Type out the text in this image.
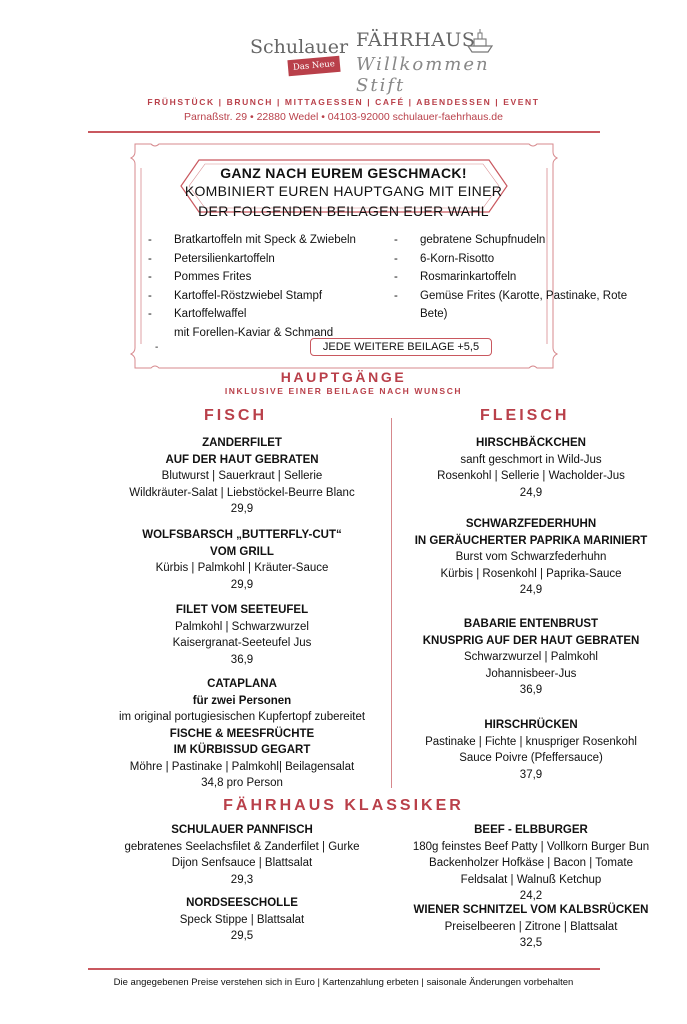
Schulauer FÄHRHAUS
Das Neue Willkommen Stift
FRÜHSTÜCK | BRUNCH | MITTAGESSEN | CAFÉ | ABENDESSEN | EVENT
Parnaßstr. 29 • 22880 Wedel • 04103-92000 schulauer-faehrhaus.de
GANZ NACH EUREM GESCHMACK!
KOMBINIERT EUREN HAUPTGANG MIT EINER
DER FOLGENDEN BEILAGEN EUER WAHL
- Bratkartoffeln mit Speck & Zwiebeln
- Petersilienkartoffeln
- Pommes Frites
- Kartoffel-Röstzwiebel Stampf
- Kartoffelwaffel
mit Forellen-Kaviar & Schmand
- gebratene Schupfnudeln
- 6-Korn-Risotto
- Rosmarinkartoffeln
- Gemüse Frites (Karotte, Pastinake, Rote Bete)
-	JEDE WEITERE BEILAGE +5,5
HAUPTGÄNGE
INKLUSIVE EINER BEILAGE NACH WUNSCH
FISCH	FLEISCH
ZANDERFILET
AUF DER HAUT GEBRATEN
Blutwurst | Sauerkraut | Sellerie
Wildkräuter-Salat | Liebstöckel-Beurre Blanc
29,9
WOLFSBARSCH „BUTTERFLY-CUT“
VOM GRILL
Kürbis | Palmkohl | Kräuter-Sauce
29,9
FILET VOM SEETEUFEL
Palmkohl | Schwarzwurzel
Kaisergranat-Seeteufel Jus
36,9
CATAPLANA
für zwei Personen
im original portugiesischen Kupfertopf zubereitet
FISCHE & MEESFRÜCHTE
IM KÜRBISSUD GEGART
Möhre | Pastinake | Palmkohl| Beilagensalat
34,8 pro Person
HIRSCHBÄCKCHEN
sanft geschmort in Wild-Jus
Rosenkohl | Sellerie | Wacholder-Jus
24,9
SCHWARZFEDERHUHN
IN GERÄUCHERTER PAPRIKA MARINIERT
Burst vom Schwarzfederhuhn
Kürbis | Rosenkohl | Paprika-Sauce
24,9
BABARIE ENTENBRUST
KNUSPRIG AUF DER HAUT GEBRATEN
Schwarzwurzel | Palmkohl
Johannisbeer-Jus
36,9
HIRSCHRÜCKEN
Pastinake | Fichte | knuspriger Rosenkohl
Sauce Poivre (Pfeffersauce)
37,9
FÄHRHAUS KLASSIKER
SCHULAUER PANNFISCH
gebratenes Seelachsfilet & Zanderfilet | Gurke
Dijon Senfsauce | Blattsalat
29,3
NORDSEESCHOLLE
Speck Stippe | Blattsalat
29,5
BEEF - ELBBURGER
180g feinstes Beef Patty | Vollkorn Burger Bun
Backenholzer Hofkäse | Bacon | Tomate
Feldsalat | Walnuß Ketchup
24,2
WIENER SCHNITZEL VOM KALBSRÜCKEN
Preiselbeeren | Zitrone | Blattsalat
32,5
Die angegebenen Preise verstehen sich in Euro | Kartenzahlung erbeten | saisonale Änderungen vorbehalten
